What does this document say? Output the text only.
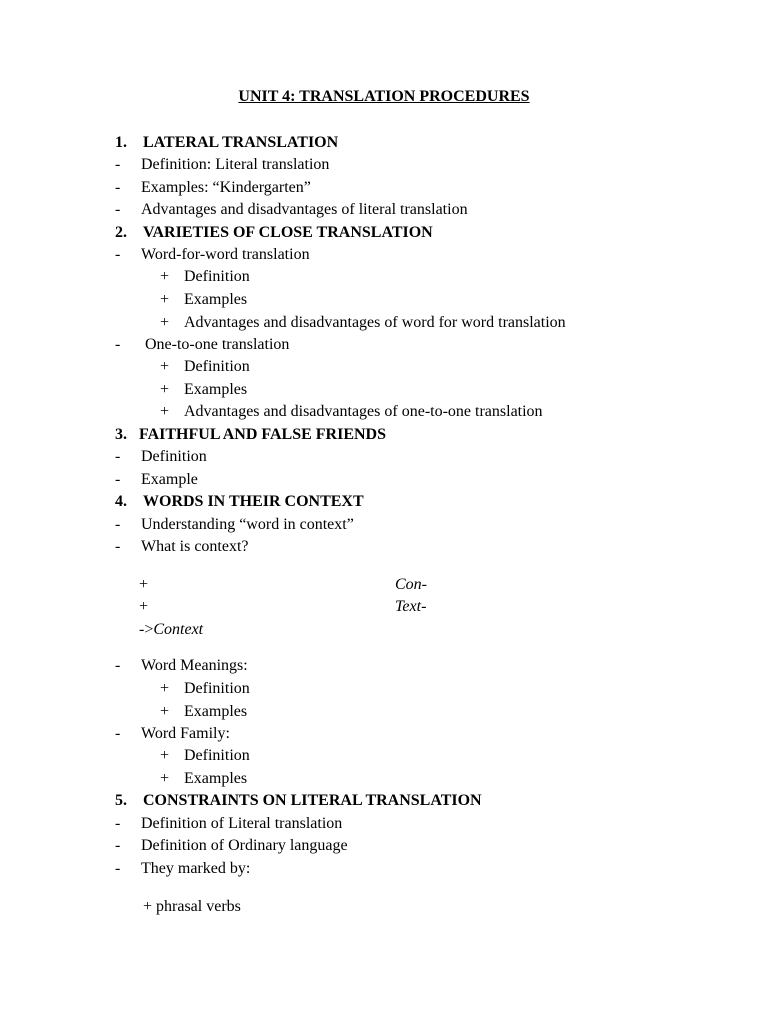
UNIT 4: TRANSLATION PROCEDURES
1. LATERAL TRANSLATION
- Definition: Literal translation
- Examples: “Kindergarten”
- Advantages and disadvantages of literal translation
2. VARIETIES OF CLOSE TRANSLATION
- Word-for-word translation
+ Definition
+ Examples
+ Advantages and disadvantages of word for word translation
- One-to-one translation
+ Definition
+ Examples
+ Advantages and disadvantages of one-to-one translation
3. FAITHFUL AND FALSE FRIENDS
- Definition
- Example
4. WORDS IN THEIR CONTEXT
- Understanding “word in context”
- What is context?
+	Con-
+	Text-
->Context
- Word Meanings:
+ Definition
+ Examples
- Word Family:
+ Definition
+ Examples
5. CONSTRAINTS ON LITERAL TRANSLATION
- Definition of Literal translation
- Definition of Ordinary language
- They marked by:
+ phrasal verbs
